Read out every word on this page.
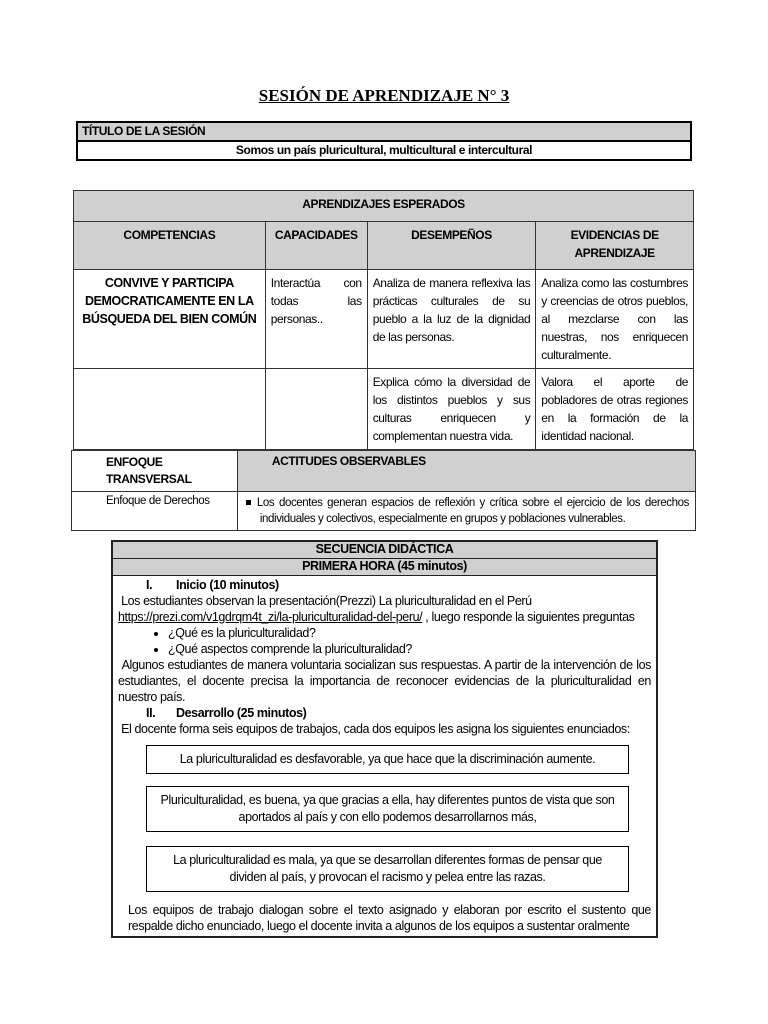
SESIÓN DE APRENDIZAJE N° 3
TÍTULO DE LA SESIÓN
Somos un país pluricultural, multicultural e intercultural
APRENDIZAJES ESPERADOS			
COMPETENCIAS	CAPACIDADES	DESEMPEÑOS	EVIDENCIAS DE APRENDIZAJE
CONVIVE Y PARTICIPA DEMOCRATICAMENTE EN LA BÚSQUEDA DEL BIEN COMÚN	Interactúa con todas las personas..	Analiza de manera reflexiva las prácticas culturales de su pueblo a la luz de la dignidad de las personas.	Analiza como las costumbres y creencias de otros pueblos, al mezclarse con las nuestras, nos enriquecen culturalmente.
		Explica cómo la diversidad de los distintos pueblos y sus culturas enriquecen y complementan nuestra vida.	Valora el aporte de pobladores de otras regiones en la formación de la identidad nacional.
ENFOQUE TRANSVERSAL	ACTITUDES OBSERVABLES
Enfoque de Derechos	Los docentes generan espacios de reflexión y crítica sobre el ejercicio de los derechos individuales y colectivos, especialmente en grupos y poblaciones vulnerables.
SECUENCIA DIDÁCTICA
PRIMERA HORA (45 minutos)

I. Inicio (10 minutos)

Los estudiantes observan la presentación(Prezzi) La pluriculturalidad en el Perú

https://prezi.com/v1gdrqm4t_zi/la-pluriculturalidad-del-peru/ , luego responde la siguientes preguntas

• ¿Qué es la pluriculturalidad?
• ¿Qué aspectos comprende la pluriculturalidad?

Algunos estudiantes de manera voluntaria socializan sus respuestas. A partir de la intervención de los estudiantes, el docente precisa la importancia de reconocer evidencias de la pluriculturalidad en nuestro país.

II. Desarrollo (25 minutos)

El docente forma seis equipos de trabajos, cada dos equipos les asigna los siguientes enunciados:

La pluriculturalidad es desfavorable, ya que hace que la discriminación aumente.
Pluriculturalidad, es buena, ya que gracias a ella, hay diferentes puntos de vista que son aportados al país y con ello podemos desarrollarnos más,
La pluriculturalidad es mala, ya que se desarrollan diferentes formas de pensar que dividen al país, y provocan el racismo y pelea entre las razas.

Los equipos de trabajo dialogan sobre el texto asignado y elaboran por escrito el sustento que respalde dicho enunciado, luego el docente invita a algunos de los equipos a sustentar oralmente
